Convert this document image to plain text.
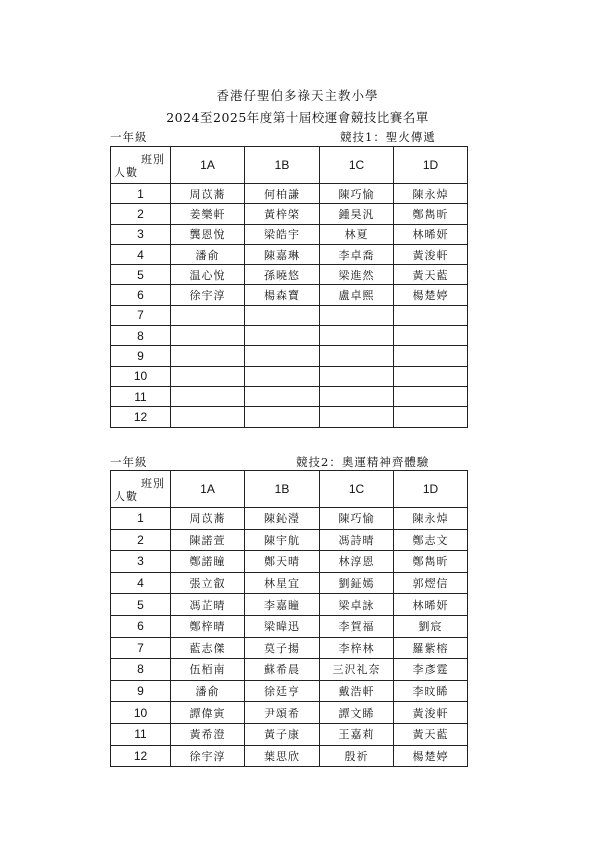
香港仔聖伯多祿天主教小學
2024至2025年度第十屆校運會競技比賽名單
一年級	競技1：聖火傳遞
班別
人數	1A	1B	1C	1D
1	周苡蕎	何柏謙	陳巧愉	陳永焯
2	姜樂軒	黃梓棨	鍾昊汎	鄭雋昕
3	龔恩悅	梁皓宇	林夏	林晞妍
4	潘俞	陳嘉琳	李卓喬	黃浚軒
5	温心悅	孫曉悠	梁進然	黃天藍
6	徐宇淳	楊森寶	盧卓熙	楊楚婷
7				
8				
9				
10				
11				
12				
一年級	競技2：奧運精神齊體驗
班別
人數	1A	1B	1C	1D
1	周苡蕎	陳鈊瀅	陳巧愉	陳永焯
2	陳諾萱	陳宇航	馮詩晴	鄭志文
3	鄭諾瞳	鄭天晴	林淳恩	鄭雋昕
4	張立叡	林星宜	劉鉦嫣	郭熤信
5	馮芷晴	李嘉瞳	梁卓詠	林晞妍
6	鄭梓晴	梁暐迅	李賀福	劉宸
7	藍志傑	莫子揚	李梓林	羅紫榕
8	伍栢南	蘇希晨	三沢礼奈	李彥霆
9	潘俞	徐廷亨	戴浩軒	李旼睎
10	譚偉寅	尹頌希	譚文睎	黃浚軒
11	黃希澄	黃子康	王嘉莉	黃天藍
12	徐宇淳	葉思欣	殷祈	楊楚婷
